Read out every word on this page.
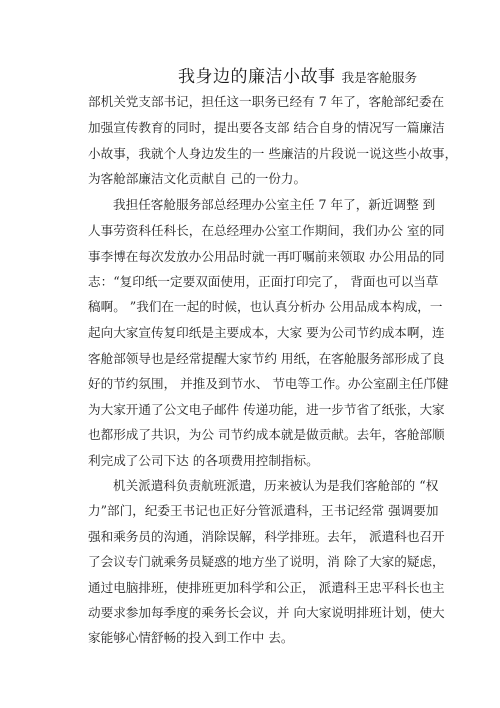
我身边的廉洁小故事 我是客舱服务
部机关党支部书记，担任这一职务已经有 7 年了，客舱部纪委在
加强宣传教育的同时，提出要各支部 结合自身的情况写一篇廉洁
小故事，我就个人身边发生的一 些廉洁的片段说一说这些小故事，
为客舱部廉洁文化贡献自 己的一份力。
我担任客舱服务部总经理办公室主任 7 年了，新近调整 到
人事劳资科任科长，在总经理办公室工作期间，我们办公 室的同
事李博在每次发放办公用品时就一再叮嘱前来领取 办公用品的同
志：“复印纸一定要双面使用，正面打印完了， 背面也可以当草
稿啊。 ”我们在一起的时候，也认真分析办 公用品成本构成，一
起向大家宣传复印纸是主要成本，大家 要为公司节约成本啊，连
客舱部领导也是经常提醒大家节约 用纸，在客舱服务部形成了良
好的节约氛围， 并推及到节水、 节电等工作。办公室副主任邝健
为大家开通了公文电子邮件 传递功能，进一步节省了纸张，大家
也都形成了共识，为公 司节约成本就是做贡献。去年，客舱部顺
利完成了公司下达 的各项费用控制指标。
机关派遣科负责航班派遣，历来被认为是我们客舱部的 “权
力”部门，纪委王书记也正好分管派遣科，王书记经常 强调要加
强和乘务员的沟通，消除误解，科学排班。去年， 派遣科也召开
了会议专门就乘务员疑惑的地方坐了说明，消 除了大家的疑虑，
通过电脑排班，使排班更加科学和公正， 派遣科王忠平科长也主
动要求参加每季度的乘务长会议，并 向大家说明排班计划，使大
家能够心情舒畅的投入到工作中 去。
